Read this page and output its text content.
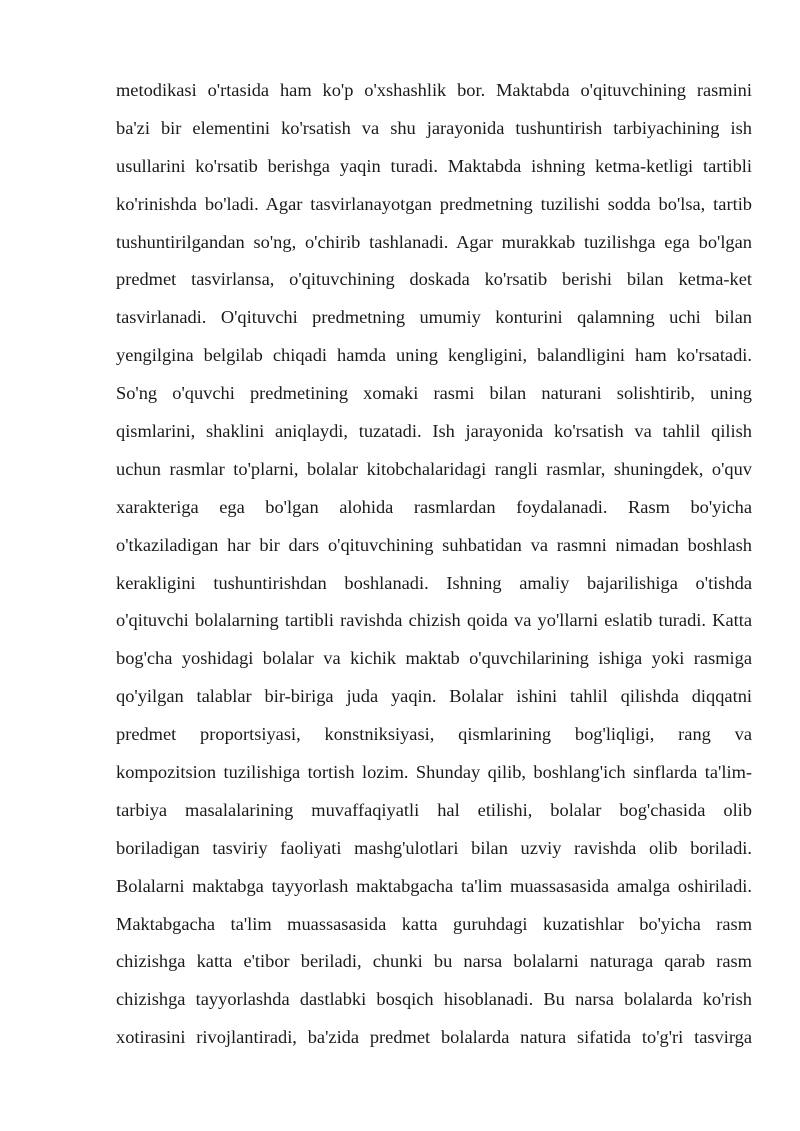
metodikasi o'rtasida ham ko'p o'xshashlik bor. Maktabda o'qituvchining rasmini
ba'zi bir elementini ko'rsatish va shu jarayonida tushuntirish tarbiyachining ish
usullarini ko'rsatib berishga yaqin turadi. Maktabda ishning ketma-ketligi tartibli
ko'rinishda bo'ladi. Agar tasvirlanayotgan predmetning tuzilishi sodda bo'lsa, tartib
tushuntirilgandan so'ng, o'chirib tashlanadi. Agar murakkab tuzilishga ega bo'lgan
predmet tasvirlansa, o'qituvchining doskada ko'rsatib berishi bilan ketma-ket
tasvirlanadi. O'qituvchi predmetning umumiy konturini qalamning uchi bilan
yengilgina belgilab chiqadi hamda uning kengligini, balandligini ham ko'rsatadi.
So'ng o'quvchi predmetining xomaki rasmi bilan naturani solishtirib, uning
qismlarini, shaklini aniqlaydi, tuzatadi. Ish jarayonida ko'rsatish va tahlil qilish
uchun rasmlar to'plarni, bolalar kitobchalaridagi rangli rasmlar, shuningdek, o'quv
xarakteriga ega bo'lgan alohida rasmlardan foydalanadi. Rasm bo'yicha
o'tkaziladigan har bir dars o'qituvchining suhbatidan va rasmni nimadan boshlash
kerakligini tushuntirishdan boshlanadi. Ishning amaliy bajarilishiga o'tishda
o'qituvchi bolalarning tartibli ravishda chizish qoida va yo'llarni eslatib turadi. Katta
bog'cha yoshidagi bolalar va kichik maktab o'quvchilarining ishiga yoki rasmiga
qo'yilgan talablar bir-biriga juda yaqin. Bolalar ishini tahlil qilishda diqqatni
predmet proportsiyasi, konstniksiyasi, qismlarining bog'liqligi, rang va
kompozitsion tuzilishiga tortish lozim. Shunday qilib, boshlang'ich sinflarda ta'lim-
tarbiya masalalarining muvaffaqiyatli hal etilishi, bolalar bog'chasida olib
boriladigan tasviriy faoliyati mashg'ulotlari bilan uzviy ravishda olib boriladi.
Bolalarni maktabga tayyorlash maktabgacha ta'lim muassasasida amalga oshiriladi.
Maktabgacha ta'lim muassasasida katta guruhdagi kuzatishlar bo'yicha rasm
chizishga katta e'tibor beriladi, chunki bu narsa bolalarni naturaga qarab rasm
chizishga tayyorlashda dastlabki bosqich hisoblanadi. Bu narsa bolalarda ko'rish
xotirasini rivojlantiradi, ba'zida predmet bolalarda natura sifatida to'g'ri tasvirga
